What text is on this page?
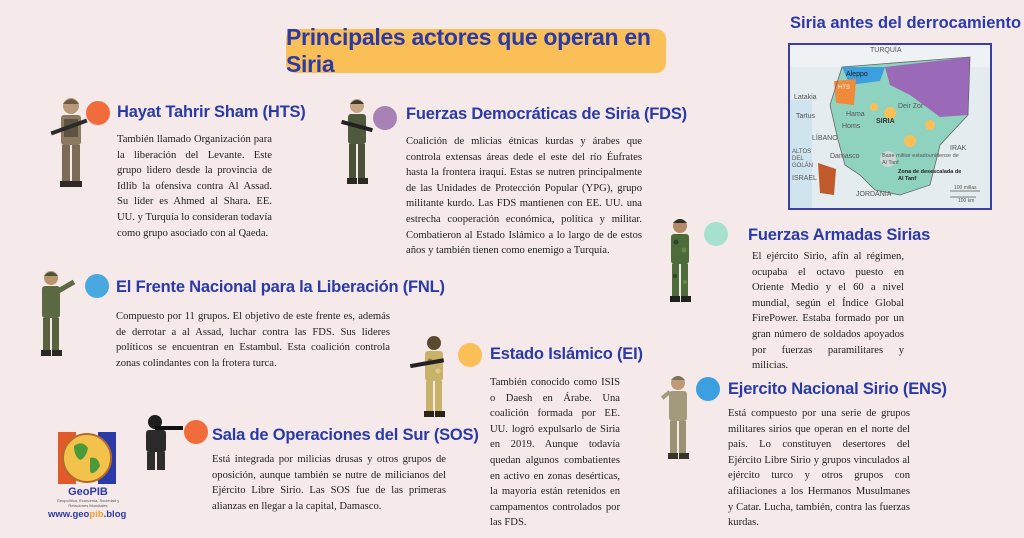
Principales actores que operan en Siria
Hayat Tahrir Sham (HTS)
También llamado Organización para la liberación del Levante. Este grupo lidero desde la provincia de Idlib la ofensiva contra Al Assad. Su líder es Ahmed al Shara. EE. UU. y Turquía lo consideran todavía como grupo asociado con al Qaeda.
Fuerzas Democráticas de Siria (FDS)
Coalición de mlicias étnicas kurdas y árabes que controla extensas áreas dede el este del río Éufrates hasta la frontera iraquí. Estas se nutren principalmente de las Unidades de Protección Popular (YPG), grupo militante kurdo. Las FDS mantienen con EE. UU. una estrecha cooperación económica, política y militar. Combatieron al Estado Islámico a lo largo de de estos años y también tienen como enemigo a Turquía.
Fuerzas Armadas Sirias
El ejército Sirio, afín al régimen, ocupaba el octavo puesto en Oriente Medio y el 60 a nivel mundial, según el Índice Global FirePower. Estaba formado por un gran número de soldados apoyados por fuerzas paramilitares y milicias.
El Frente Nacional para la Liberación (FNL)
Compuesto por 11 grupos. El objetivo de este frente es, además de derrotar a al Assad, luchar contra las FDS. Sus lideres políticos se encuentran en Estambul. Esta coalición controla zonas colindantes con la frotera turca.
Estado Islámico (EI)
También conocido como ISIS o Daesh en Árabe. Una coalición formada por EE. UU. logró expulsarlo de Siria en 2019. Aunque todavía quedan algunos combatientes en activo en zonas desérticas, la mayoría están retenidos en campamentos controlados por las FDS.
Ejercito Nacional Sirio (ENS)
Está compuesto por una serie de grupos militares sirios que operan en el norte del país. Lo constituyen desertores del Ejército Libre Sirio y grupos vinculados al ejército turco y otros grupos con afiliaciones a los Hermanos Musulmanes y Catar. Lucha, también, contra las fuerzas kurdas.
Sala de Operaciones del Sur (SOS)
Está integrada por milicias drusas y otros grupos de oposición, aunque también se nutre de milicianos del Ejército Libre Sirio. Las SOS fue de las primeras alianzas en llegar a la capital, Damasco.
GeoPIB
Geopolítica, Economía, Sociedad y Relaciones Mundiales
www.geopib.blog
Siria antes del derrocamiento
TURQUÍA
Aleppo
HTS
Latakia
Tartus	Hama
Homs
SIRIA
Deir Zor
LÍBANO
ALTOS DEL GOLÁN
Damasco
ISRAEL
IRAK
Base militar estadounidense de Al Tanf
Zona de desescalada de Al Tanf
JORDANIA
100 millas
100 km
